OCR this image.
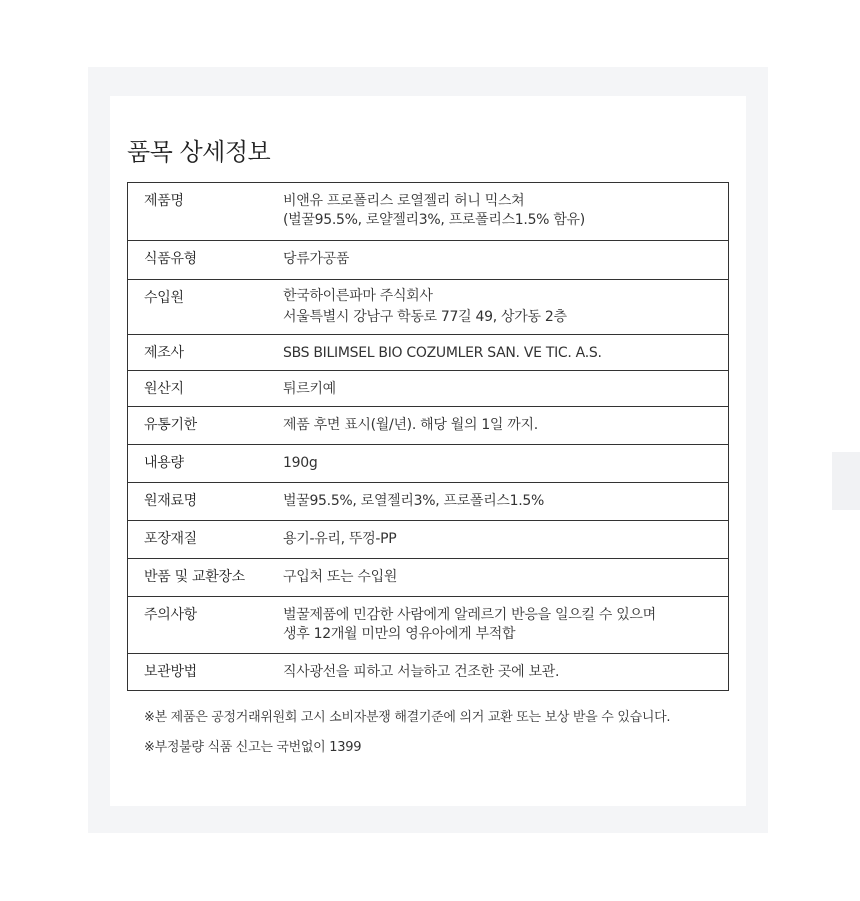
품목 상세정보
제품명	비앤유 프로폴리스 로열젤리 허니 믹스쳐
(벌꿀95.5%, 로얄젤리3%, 프로폴리스1.5% 함유)

식품유형	당류가공품

수입원	한국하이른파마 주식회사
서울특별시 강남구 학동로 77길 49, 상가동 2층

제조사	SBS BILIMSEL BIO COZUMLER SAN. VE TIC. A.S.

원산지	튀르키예

유통기한	제품 후면 표시(월/년). 해당 월의 1일 까지.

내용량	190g

원재료명	벌꿀95.5%, 로열젤리3%, 프로폴리스1.5%

포장재질	용기-유리, 뚜껑-PP

반품 및 교환장소	구입처 또는 수입원

주의사항	벌꿀제품에 민감한 사람에게 알레르기 반응을 일으킬 수 있으며
생후 12개월 미만의 영유아에게 부적합

보관방법	직사광선을 피하고 서늘하고 건조한 곳에 보관.

※본 제품은 공정거래위원회 고시 소비자분쟁 해결기준에 의거 교환 또는 보상 받을 수 있습니다.

※부정불량 식품 신고는 국번없이 1399
